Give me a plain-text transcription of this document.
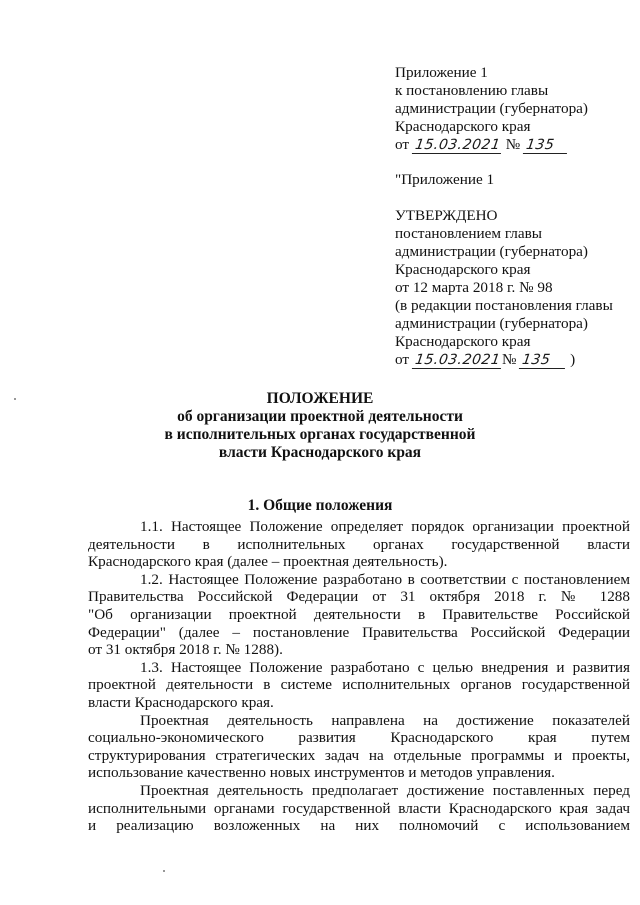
Приложение 1
к постановлению главы
администрации (губернатора)
Краснодарского края
от 15.03.2021 № 135
"Приложение 1
УТВЕРЖДЕНО
постановлением главы
администрации (губернатора)
Краснодарского края
от 12 марта 2018 г. № 98
(в редакции постановления главы
администрации (губернатора)
Краснодарского края
от 15.03.2021№ 135 )
ПОЛОЖЕНИЕ
об организации проектной деятельности
в исполнительных органах государственной
власти Краснодарского края
1. Общие положения

1.1. Настоящее Положение определяет порядок организации проектной
деятельности в исполнительных органах государственной власти
Краснодарского края (далее – проектная деятельность).

1.2. Настоящее Положение разработано в соответствии с постановлением
Правительства Российской Федерации от 31 октября 2018 г. № 1288
"Об организации проектной деятельности в Правительстве Российской
Федерации" (далее – постановление Правительства Российской Федерации
от 31 октября 2018 г. № 1288).

1.3. Настоящее Положение разработано с целью внедрения и развития
проектной деятельности в системе исполнительных органов государственной
власти Краснодарского края.

Проектная деятельность направлена на достижение показателей
социально-экономического развития Краснодарского края путем
структурирования стратегических задач на отдельные программы и проекты,
использование качественно новых инструментов и методов управления.

Проектная деятельность предполагает достижение поставленных перед
исполнительными органами государственной власти Краснодарского края задач
и реализацию возложенных на них полномочий с использованием
